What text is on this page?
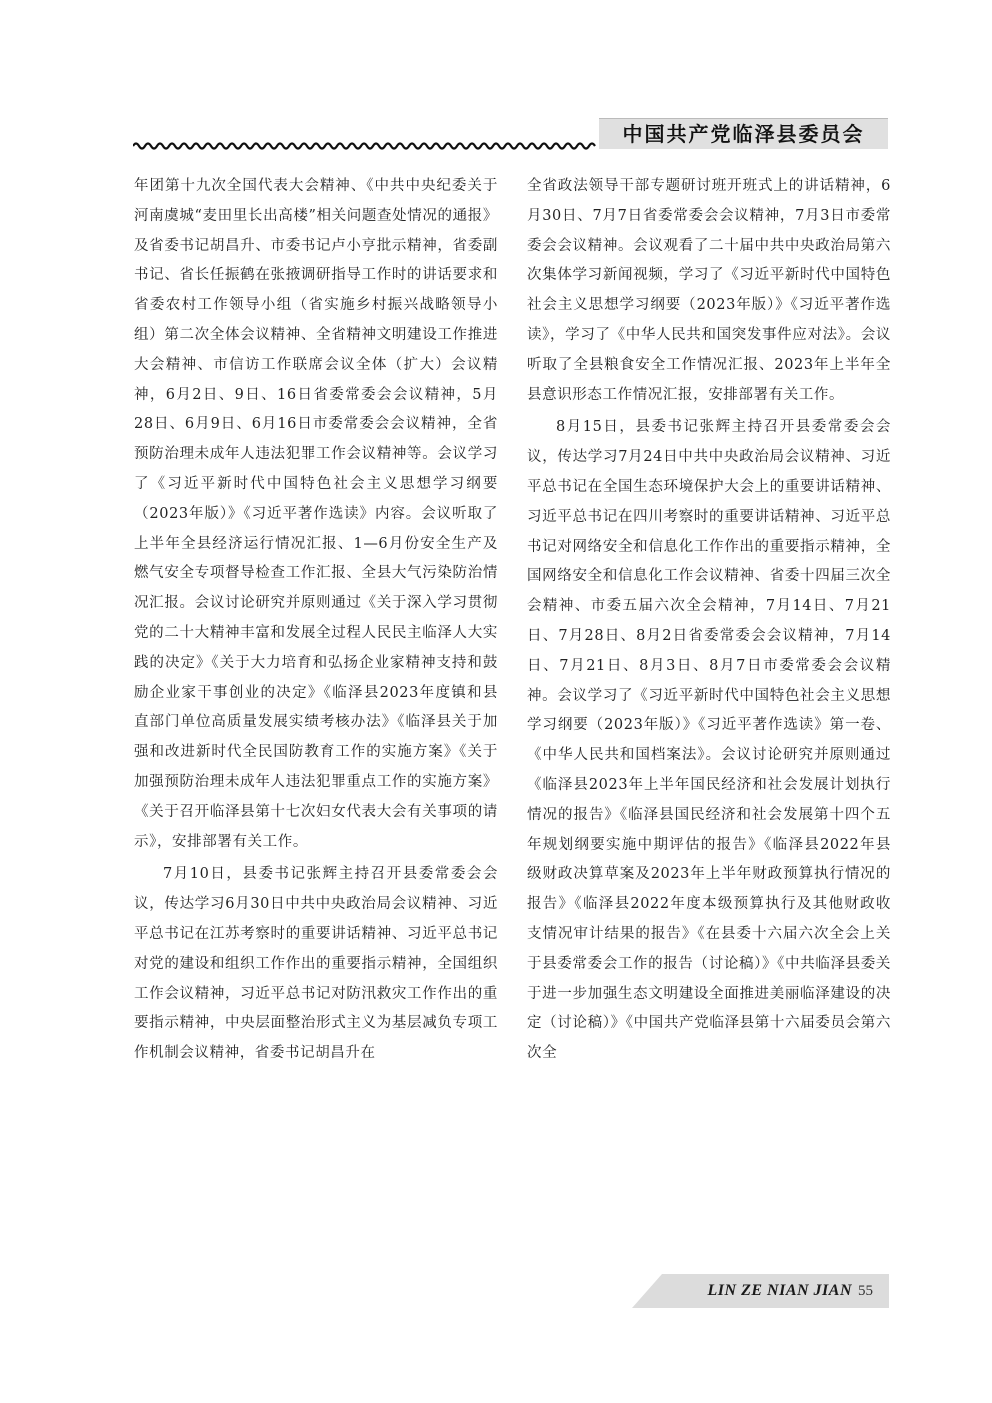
中国共产党临泽县委员会

年团第十九次全国代表大会精神、《中共中央纪委关于河南虞城“麦田里长出高楼”相关问题查处情况的通报》及省委书记胡昌升、市委书记卢小亨批示精神，省委副书记、省长任振鹤在张掖调研指导工作时的讲话要求和省委农村工作领导小组（省实施乡村振兴战略领导小组）第二次全体会议精神、全省精神文明建设工作推进大会精神、市信访工作联席会议全体（扩大）会议精神，6月2日、9日、16日省委常委会会议精神，5月28日、6月9日、6月16日市委常委会会议精神，全省预防治理未成年人违法犯罪工作会议精神等。会议学习了《习近平新时代中国特色社会主义思想学习纲要（2023年版）》《习近平著作选读》内容。会议听取了上半年全县经济运行情况汇报、1—6月份安全生产及燃气安全专项督导检查工作汇报、全县大气污染防治情况汇报。会议讨论研究并原则通过《关于深入学习贯彻党的二十大精神丰富和发展全过程人民民主临泽人大实践的决定》《关于大力培育和弘扬企业家精神支持和鼓励企业家干事创业的决定》《临泽县2023年度镇和县直部门单位高质量发展实绩考核办法》《临泽县关于加强和改进新时代全民国防教育工作的实施方案》《关于加强预防治理未成年人违法犯罪重点工作的实施方案》《关于召开临泽县第十七次妇女代表大会有关事项的请示》，安排部署有关工作。

7月10日，县委书记张辉主持召开县委常委会会议，传达学习6月30日中共中央政治局会议精神、习近平总书记在江苏考察时的重要讲话精神、习近平总书记对党的建设和组织工作作出的重要指示精神，全国组织工作会议精神，习近平总书记对防汛救灾工作作出的重要指示精神，中央层面整治形式主义为基层减负专项工作机制会议精神，省委书记胡昌升在

全省政法领导干部专题研讨班开班式上的讲话精神，6月30日、7月7日省委常委会会议精神，7月3日市委常委会会议精神。会议观看了二十届中共中央政治局第六次集体学习新闻视频，学习了《习近平新时代中国特色社会主义思想学习纲要（2023年版）》《习近平著作选读》，学习了《中华人民共和国突发事件应对法》。会议听取了全县粮食安全工作情况汇报、2023年上半年全县意识形态工作情况汇报，安排部署有关工作。

8月15日，县委书记张辉主持召开县委常委会会议，传达学习7月24日中共中央政治局会议精神、习近平总书记在全国生态环境保护大会上的重要讲话精神、习近平总书记在四川考察时的重要讲话精神、习近平总书记对网络安全和信息化工作作出的重要指示精神，全国网络安全和信息化工作会议精神、省委十四届三次全会精神、市委五届六次全会精神，7月14日、7月21日、7月28日、8月2日省委常委会会议精神，7月14日、7月21日、8月3日、8月7日市委常委会会议精神。会议学习了《习近平新时代中国特色社会主义思想学习纲要（2023年版）》《习近平著作选读》第一卷、《中华人民共和国档案法》。会议讨论研究并原则通过《临泽县2023年上半年国民经济和社会发展计划执行情况的报告》《临泽县国民经济和社会发展第十四个五年规划纲要实施中期评估的报告》《临泽县2022年县级财政决算草案及2023年上半年财政预算执行情况的报告》《临泽县2022年度本级预算执行及其他财政收支情况审计结果的报告》《在县委十六届六次全会上关于县委常委会工作的报告（讨论稿）》《中共临泽县委关于进一步加强生态文明建设全面推进美丽临泽建设的决定（讨论稿）》《中国共产党临泽县第十六届委员会第六次全

LIN ZE NIAN JIAN 55
